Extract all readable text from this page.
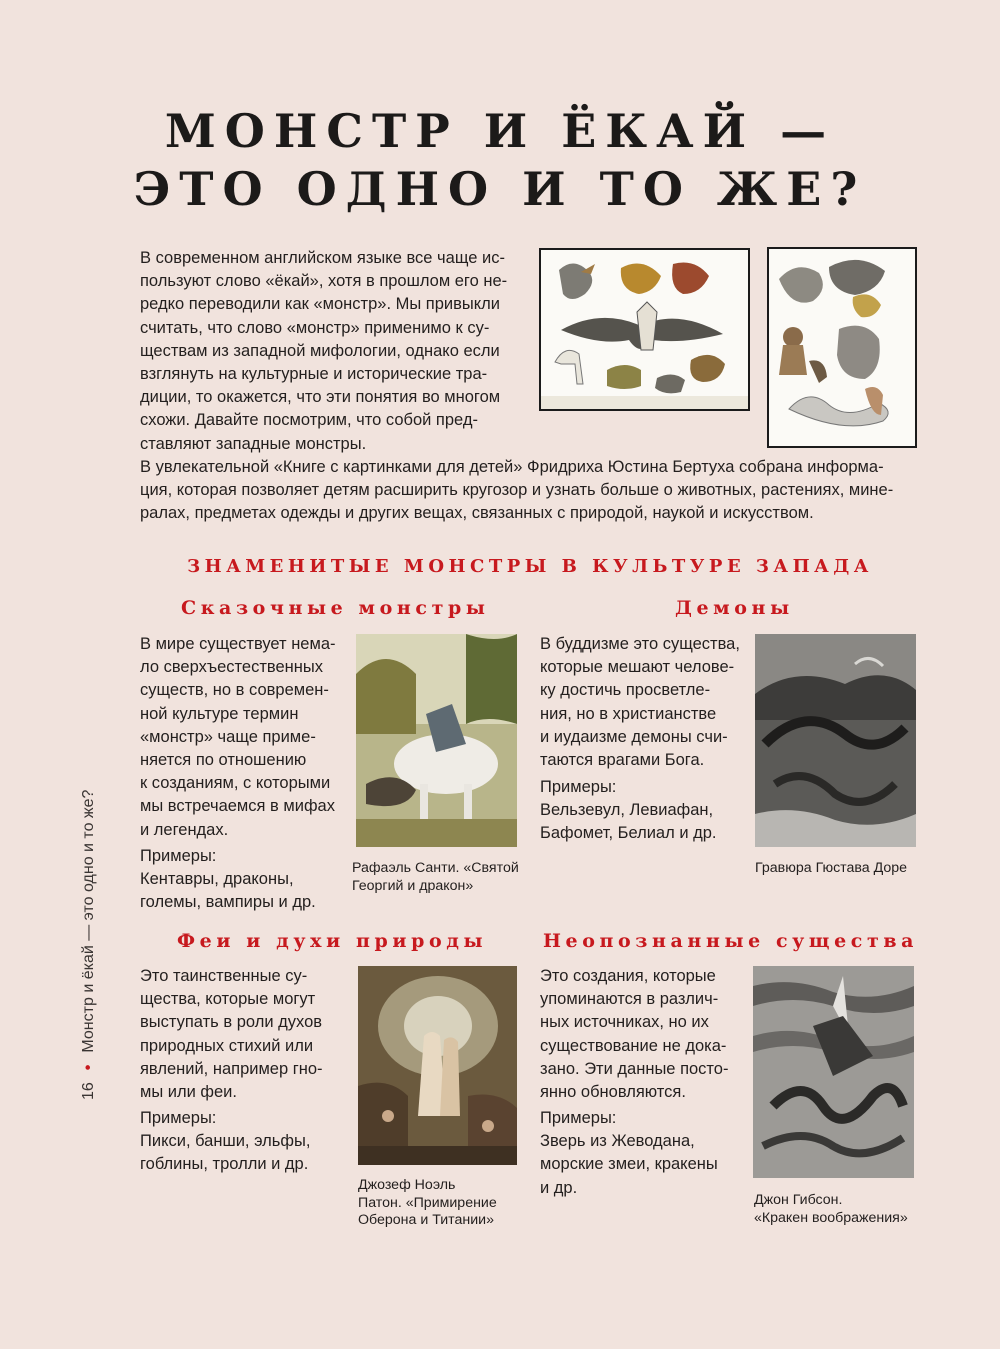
МОНСТР И ЁКАЙ —
ЭТО ОДНО И ТО ЖЕ?
В современном английском языке все чаще ис-
пользуют слово «ёкай», хотя в прошлом его не-
редко переводили как «монстр». Мы привыкли
считать, что слово «монстр» применимо к су-
ществам из западной мифологии, однако если
взглянуть на культурные и исторические тра-
диции, то окажется, что эти понятия во многом
схожи. Давайте посмотрим, что собой пред-
ставляют западные монстры.
В увлекательной «Книге с картинками для детей» Фридриха Юстина Бертуха собрана информа-
ция, которая позволяет детям расширить кругозор и узнать больше о животных, растениях, мине-
ралах, предметах одежды и других вещах, связанных с природой, наукой и искусством.
ЗНАМЕНИТЫЕ МОНСТРЫ В КУЛЬТУРЕ ЗАПАДА
Сказочные монстры
В мире существует нема-
ло сверхъестественных
существ, но в современ-
ной культуре термин
«монстр» чаще приме-
няется по отношению
к созданиям, с которыми
мы встречаемся в мифах
и легендах.
Примеры:
Кентавры, драконы,
големы, вампиры и др.
Рафаэль Санти. «Святой
Георгий и дракон»
Демоны
В буддизме это существа,
которые мешают челове-
ку достичь просветле-
ния, но в христианстве
и иудаизме демоны счи-
таются врагами Бога.
Примеры:
Вельзевул, Левиафан,
Бафомет, Белиал и др.
Гравюра Гюстава Доре
Феи и духи природы
Это таинственные су-
щества, которые могут
выступать в роли духов
природных стихий или
явлений, например гно-
мы или феи.
Примеры:
Пикси, банши, эльфы,
гоблины, тролли и др.
Джозеф Ноэль
Патон. «Примирение
Оберона и Титании»
Неопознанные существа
Это создания, которые
упоминаются в различ-
ных источниках, но их
существование не дока-
зано. Эти данные посто-
янно обновляются.
Примеры:
Зверь из Жеводана,
морские змеи, кракены
и др.
Джон Гибсон.
«Кракен воображения»
16•Монстр и ёкай — это одно и то же?
